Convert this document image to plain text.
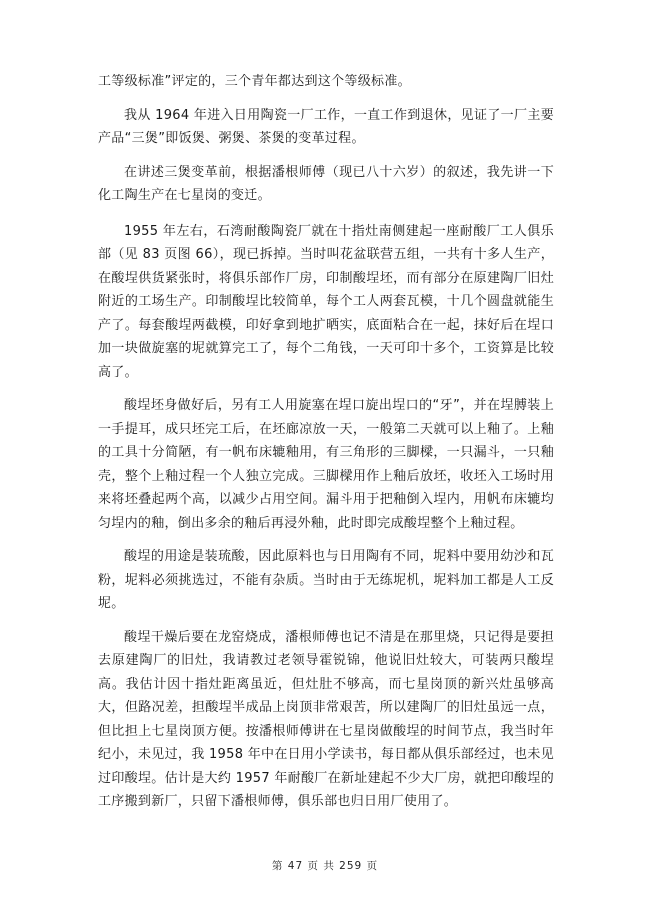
工等级标准”评定的，三个青年都达到这个等级标准。

我从 1964 年进入日用陶瓷一厂工作，一直工作到退休，见证了一厂主要产品“三煲”即饭煲、粥煲、茶煲的变革过程。

在讲述三煲变革前，根据潘根师傅（现已八十六岁）的叙述，我先讲一下化工陶生产在七星岗的变迁。

1955 年左右，石湾耐酸陶瓷厂就在十指灶南侧建起一座耐酸厂工人俱乐部（见 83 页图 66），现已拆掉。当时叫花盆联营五组，一共有十多人生产，在酸埕供货紧张时，将俱乐部作厂房，印制酸埕坯，而有部分在原建陶厂旧灶附近的工场生产。印制酸埕比较简单，每个工人两套瓦模，十几个圆盘就能生产了。每套酸埕两截模，印好拿到地扩晒实，底面粘合在一起，抹好后在埕口加一块做旋塞的坭就算完工了，每个二角钱，一天可印十多个，工资算是比较高了。

酸埕坯身做好后，另有工人用旋塞在埕口旋出埕口的“牙”，并在埕膊装上一手提耳，成只坯完工后，在坯廊凉放一天，一般第二天就可以上釉了。上釉的工具十分简陋，有一帆布床辘釉用，有三角形的三脚樑，一只漏斗，一只釉壳，整个上釉过程一个人独立完成。三脚樑用作上釉后放坯，收坯入工场时用来将坯叠起两个高，以减少占用空间。漏斗用于把釉倒入埕内，用帆布床辘均匀埕内的釉，倒出多余的釉后再浸外釉，此时即完成酸埕整个上釉过程。

酸埕的用途是装琉酸，因此原料也与日用陶有不同，坭料中要用幼沙和瓦粉，坭料必须挑选过，不能有杂质。当时由于无练坭机，坭料加工都是人工反坭。

酸埕干燥后要在龙窑烧成，潘根师傅也记不清是在那里烧，只记得是要担去原建陶厂的旧灶，我请教过老领导霍锐锦，他说旧灶较大，可装两只酸埕高。我估计因十指灶距离虽近，但灶肚不够高，而七星岗顶的新兴灶虽够高大，但路况差，担酸埕半成品上岗顶非常艰苦，所以建陶厂的旧灶虽远一点，但比担上七星岗顶方便。按潘根师傅讲在七星岗做酸埕的时间节点，我当时年纪小，未见过，我 1958 年中在日用小学读书，每日都从俱乐部经过，也未见过印酸埕。估计是大约 1957 年耐酸厂在新址建起不少大厂房，就把印酸埕的工序搬到新厂，只留下潘根师傅，俱乐部也归日用厂使用了。

第 47 页 共 259 页
